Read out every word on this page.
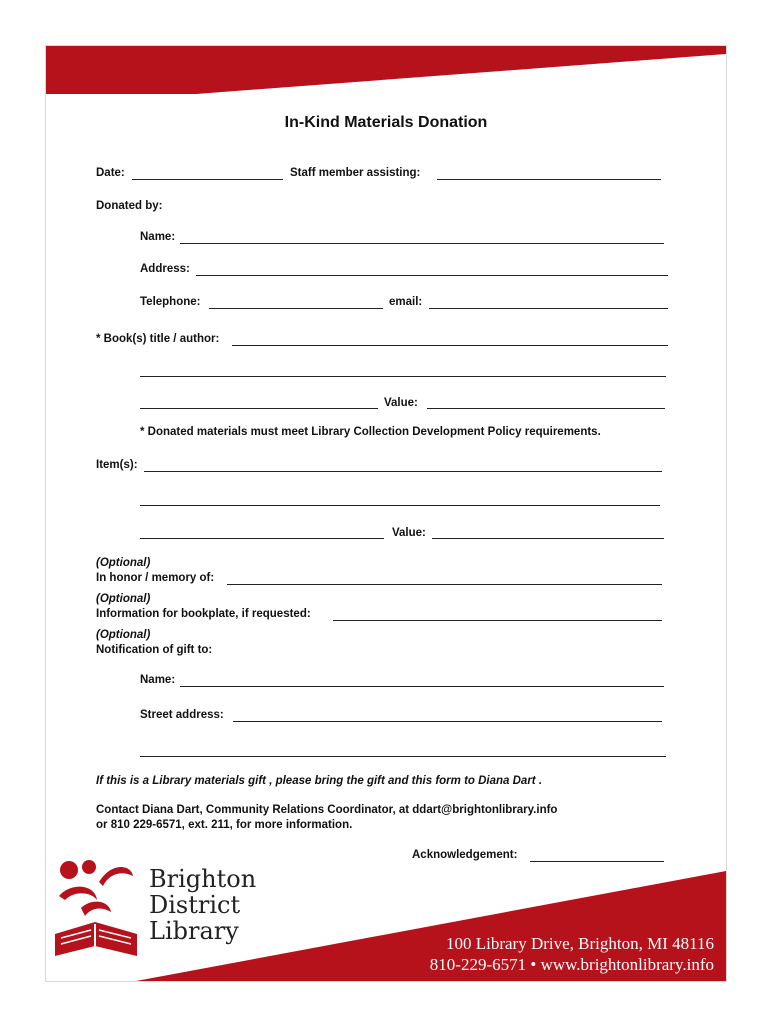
In-Kind Materials Donation
Date:	Staff member assisting:
Donated by:
Name:
Address:
Telephone:	email:
* Book(s) title / author:
Value:
* Donated materials must meet Library Collection Development Policy requirements.
Item(s):
Value:
(Optional)
In honor / memory of:
(Optional)
Information for bookplate, if requested:
(Optional)
Notification of gift to:
Name:
Street address:
If this is a Library materials gift , please bring the gift and this form to Diana Dart .
Contact Diana Dart, Community Relations Coordinator, at ddart@brightonlibrary.info
or 810 229-6571, ext. 211, for more information.
Acknowledgement:
Brighton
District
Library	100 Library Drive, Brighton, MI 48116
810-229-6571 • www.brightonlibrary.info
